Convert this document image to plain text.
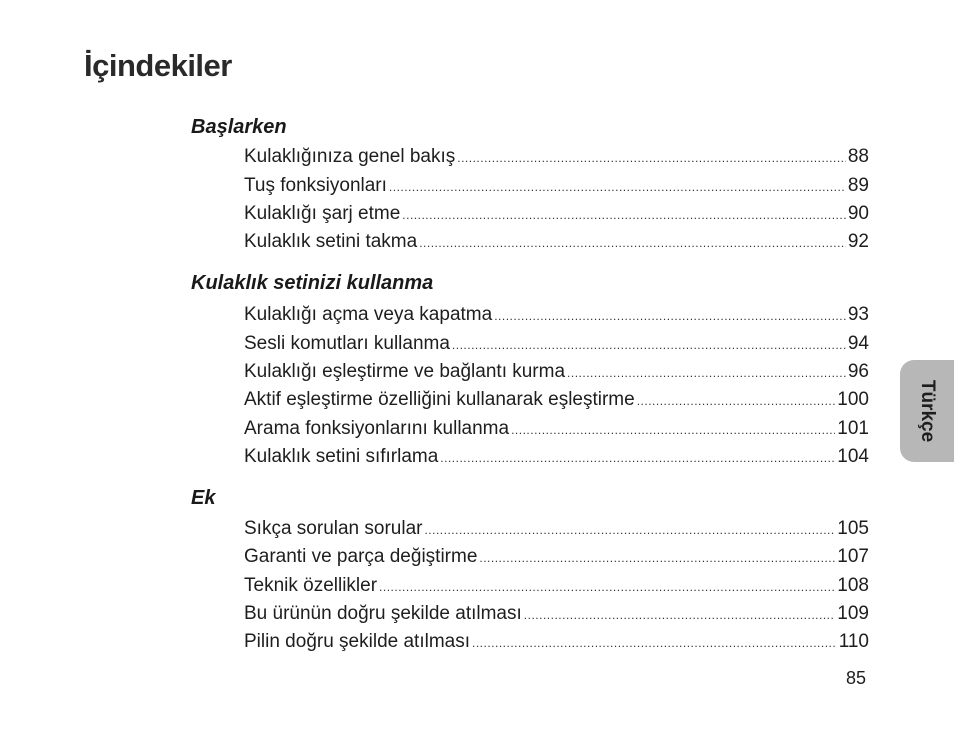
İçindekiler
Başlarken
Kulaklığınıza genel bakış .....	88
Tuş fonksiyonları .....	89
Kulaklığı şarj etme .....	90
Kulaklık setini takma .....	92
Kulaklık setinizi kullanma
Kulaklığı açma veya kapatma .....	93
Sesli komutları kullanma .....	94
Kulaklığı eşleştirme ve bağlantı kurma .....	96
Aktif eşleştirme özelliğini kullanarak eşleştirme .....	100
Arama fonksiyonlarını kullanma .....	101
Kulaklık setini sıfırlama .....	104
Ek
Sıkça sorulan sorular .....	105
Garanti ve parça değiştirme .....	107
Teknik özellikler .....	108
Bu ürünün doğru şekilde atılması .....	109
Pilin doğru şekilde atılması .....	110
Türkçe
85
